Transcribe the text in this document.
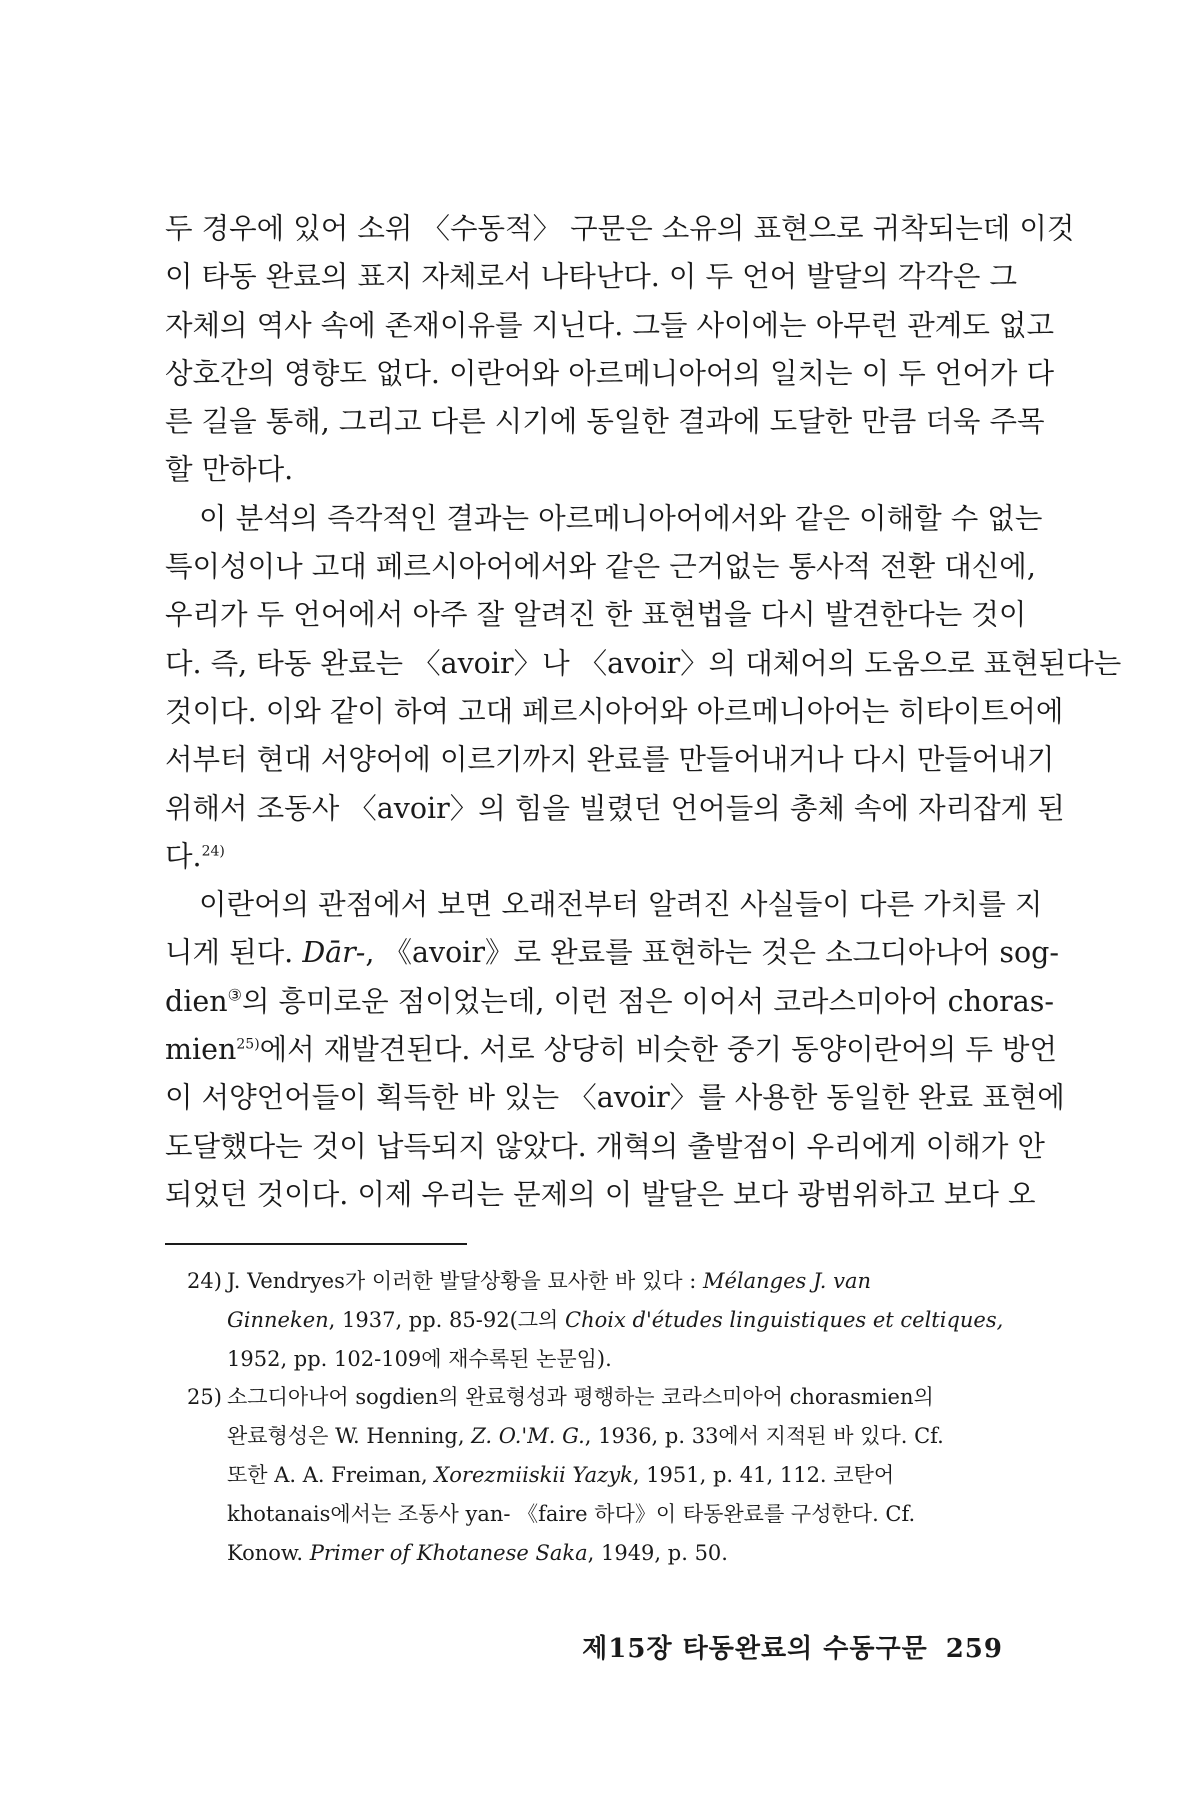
두 경우에 있어 소위 〈수동적〉 구문은 소유의 표현으로 귀착되는데 이것
이 타동 완료의 표지 자체로서 나타난다. 이 두 언어 발달의 각각은 그
자체의 역사 속에 존재이유를 지닌다. 그들 사이에는 아무런 관계도 없고
상호간의 영향도 없다. 이란어와 아르메니아어의 일치는 이 두 언어가 다
른 길을 통해, 그리고 다른 시기에 동일한 결과에 도달한 만큼 더욱 주목
할 만하다.

이 분석의 즉각적인 결과는 아르메니아어에서와 같은 이해할 수 없는
특이성이나 고대 페르시아어에서와 같은 근거없는 통사적 전환 대신에,
우리가 두 언어에서 아주 잘 알려진 한 표현법을 다시 발견한다는 것이
다. 즉, 타동 완료는 〈avoir〉나 〈avoir〉의 대체어의 도움으로 표현된다는
것이다. 이와 같이 하여 고대 페르시아어와 아르메니아어는 히타이트어에
서부터 현대 서양어에 이르기까지 완료를 만들어내거나 다시 만들어내기
위해서 조동사 〈avoir〉의 힘을 빌렸던 언어들의 총체 속에 자리잡게 된
다.$^{24)}$

이란어의 관점에서 보면 오래전부터 알려진 사실들이 다른 가치를 지
니게 된다. Dār-, 《avoir》로 완료를 표현하는 것은 소그디아나어 sog-
dien③의 흥미로운 점이었는데, 이런 점은 이어서 코라스미아어 choras-
mien$^{25)}$에서 재발견된다. 서로 상당히 비슷한 중기 동양이란어의 두 방언
이 서양언어들이 획득한 바 있는 〈avoir〉를 사용한 동일한 완료 표현에
도달했다는 것이 납득되지 않았다. 개혁의 출발점이 우리에게 이해가 안
되었던 것이다. 이제 우리는 문제의 이 발달은 보다 광범위하고 보다 오

24) J. Vendryes가 이러한 발달상황을 묘사한 바 있다 : Mélanges J. van
Ginneken, 1937, pp. 85-92(그의 Choix d'études linguistiques et celtiques,
1952, pp. 102-109에 재수록된 논문임).
25) 소그디아나어 sogdien의 완료형성과 평행하는 코라스미아어 chorasmien의
완료형성은 W. Henning, Z. O.'M. G., 1936, p. 33에서 지적된 바 있다. Cf.
또한 A. A. Freiman, Xorezmiiskii Yazyk, 1951, p. 41, 112. 코탄어
khotanais에서는 조동사 yan- 《faire 하다》이 타동완료를 구성한다. Cf.
Konow. Primer of Khotanese Saka, 1949, p. 50.
제15장 타동완료의 수동구문 259
